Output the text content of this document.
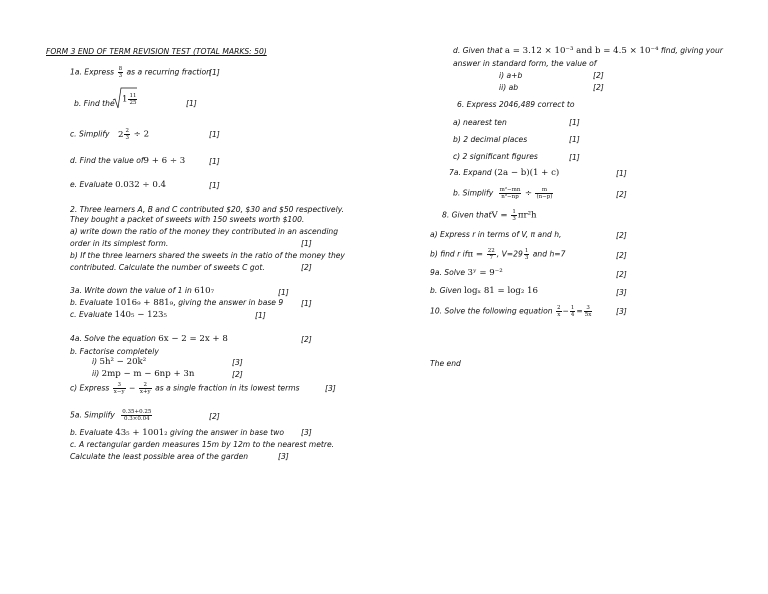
FORM 3 END OF TERM REVISION TEST (TOTAL MARKS: 50)
1a. Express $\frac{8}{3}$ as a recurring fraction
[1]
b. Find the $1 \frac{11}{25}$	[1]
c. Simplify $2 \frac{2}{3} \div 2$	[1]
d. Find the value of9 + 6 ÷ 3	[1]
e. Evaluate 0.032 ÷ 0.4	[1]
2. Three learners A, B and C contributed $20, $30 and $50 respectively.
They bought a packet of sweets with 150 sweets worth $100.
a) write down the ratio of the money they contributed in an ascending
order in its simplest form.	[1]
b) If the three learners shared the sweets in the ratio of the money they
contributed. Calculate the number of sweets C got.	[2]
3a. Write down the value of 1 in 610₇	[1]
b. Evaluate 1016₉ + 881₉, giving the answer in base 9 [1]
c. Evaluate 140₅ − 123₅	[1]
4a. Solve the equation 6x − 2 = 2x + 8	[2]
b. Factorise completely
i) 5h² − 20k²	[3]
ii) 2mp − m − 6np + 3n	[2]
c) Express $\frac{3}{x-y} - \frac{2}{x+y}$ as a single fraction in its lowest terms	[3]
5a. Simplify $\frac{0.35+0.25}{0.3\times 0.04}$	[2]
b. Evaluate 43₅ + 1001₂ giving the answer in base two [3]
c. A rectangular garden measures 15m by 12m to the nearest metre.
Calculate the least possible area of the garden	[3]
d. Given that a = 3.12 × 10⁻³ and b = 4.5 × 10⁻⁴ find, giving your
answer in standard form, the value of
i) a+b	[2]
ii) ab	[2]
6. Express 2046,489 correct to
a) nearest ten	[1]
b) 2 decimal places	[1]
c) 2 significant figures	[1]
7a. Expand (2a − b)(1 + c)	[1]
b. Simplify $\frac{\text{m²−mn}}{\text{n²−np}} \div \frac{m}{(n-p)}$	[2]
8. Given thatV = $\frac{1}{3} \pi r^2h$
a) Express r in terms of V, π and h,	[2]
b) find r $if\pi = \frac{22}{7}$ , $V=29 \frac{1}{3}$ and h=7	[2]
9a. Solve 3ʸ = 9⁻²	[2]
b. Given logₓ 81 = log₂ 16	[3]
10. Solve the following equation $\frac{2}{x} - \frac{1}{4} = \frac{3}{5x}$	[3]
The end
